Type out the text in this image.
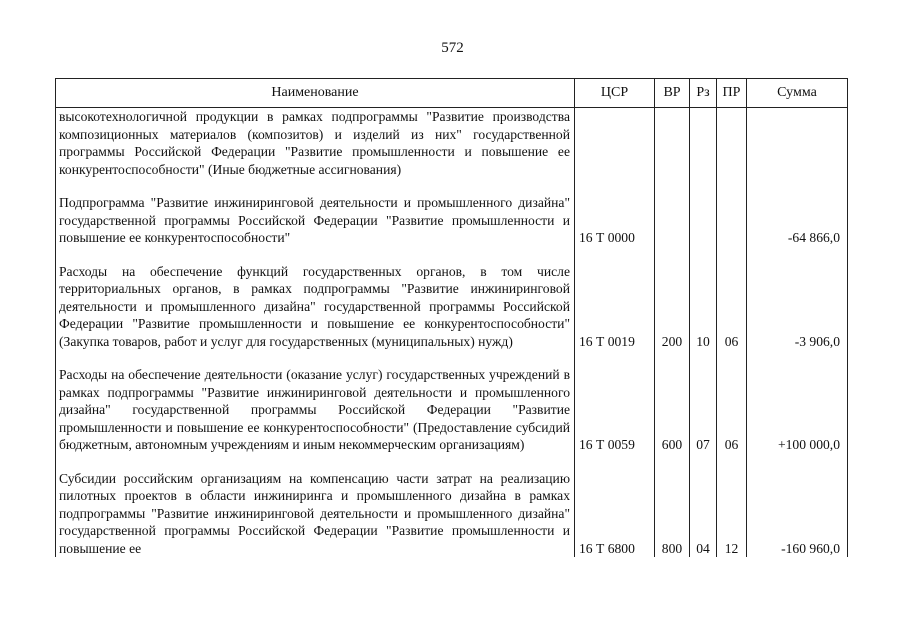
572
Наименование	ЦСР	ВР	Рз	ПР	Сумма
высокотехнологичной продукции в рамках подпрограммы "Развитие производства композиционных материалов (композитов) и изделий из них" государственной программы Российской Федерации "Развитие промышленности и повышение ее конкурентоспособности" (Иные бюджетные ассигнования)					
Подпрограмма "Развитие инжиниринговой деятельности и промышленного дизайна" государственной программы Российской Федерации "Развитие промышленности и повышение ее конкурентоспособности"	16 Т 0000				-64 866,0
Расходы на обеспечение функций государственных органов, в том числе территориальных органов, в рамках подпрограммы "Развитие инжиниринговой деятельности и промышленного дизайна" государственной программы Российской Федерации "Развитие промышленности и повышение ее конкурентоспособности" (Закупка товаров, работ и услуг для государственных (муниципальных) нужд)	16 Т 0019	200	10	06	-3 906,0
Расходы на обеспечение деятельности (оказание услуг) государственных учреждений в рамках подпрограммы "Развитие инжиниринговой деятельности и промышленного дизайна" государственной программы Российской Федерации "Развитие промышленности и повышение ее конкурентоспособности" (Предоставление субсидий бюджетным, автономным учреждениям и иным некоммерческим организациям)	16 Т 0059	600	07	06	+100 000,0
Субсидии российским организациям на компенсацию части затрат на реализацию пилотных проектов в области инжиниринга и промышленного дизайна в рамках подпрограммы "Развитие инжиниринговой деятельности и промышленного дизайна" государственной программы Российской Федерации "Развитие промышленности и повышение ее	16 Т 6800	800	04	12	-160 960,0
